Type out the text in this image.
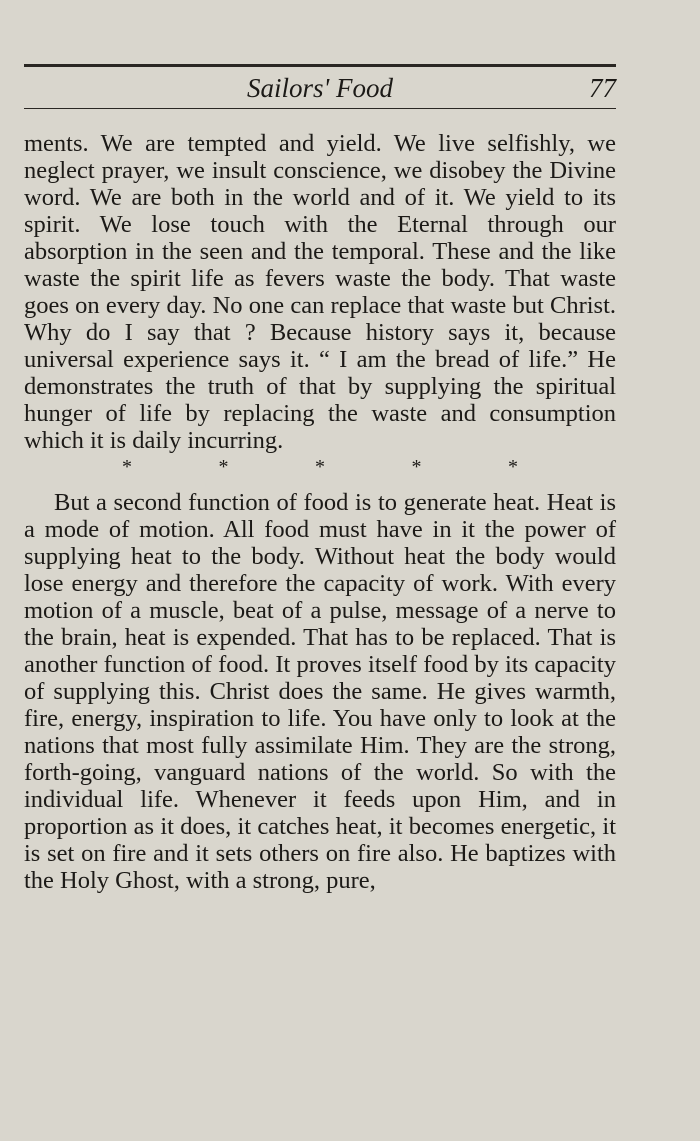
Sailors' Food	77

ments. We are tempted and yield. We live selfishly, we neglect prayer, we insult conscience, we disobey the Divine word. We are both in the world and of it. We yield to its spirit. We lose touch with the Eternal through our absorption in the seen and the temporal. These and the like waste the spirit life as fevers waste the body. That waste goes on every day. No one can replace that waste but Christ. Why do I say that ? Because history says it, because universal experience says it. “ I am the bread of life.” He demonstrates the truth of that by supplying the spiritual hunger of life by replacing the waste and consumption which it is daily incurring.

*	*	*	*	*

But a second function of food is to generate heat. Heat is a mode of motion. All food must have in it the power of supplying heat to the body. Without heat the body would lose energy and therefore the capacity of work. With every motion of a muscle, beat of a pulse, message of a nerve to the brain, heat is expended. That has to be replaced. That is another function of food. It proves itself food by its capacity of supplying this. Christ does the same. He gives warmth, fire, energy, inspiration to life. You have only to look at the nations that most fully assimilate Him. They are the strong, forth-going, vanguard nations of the world. So with the individual life. Whenever it feeds upon Him, and in proportion as it does, it catches heat, it becomes energetic, it is set on fire and it sets others on fire also. He baptizes with the Holy Ghost, with a strong, pure,
